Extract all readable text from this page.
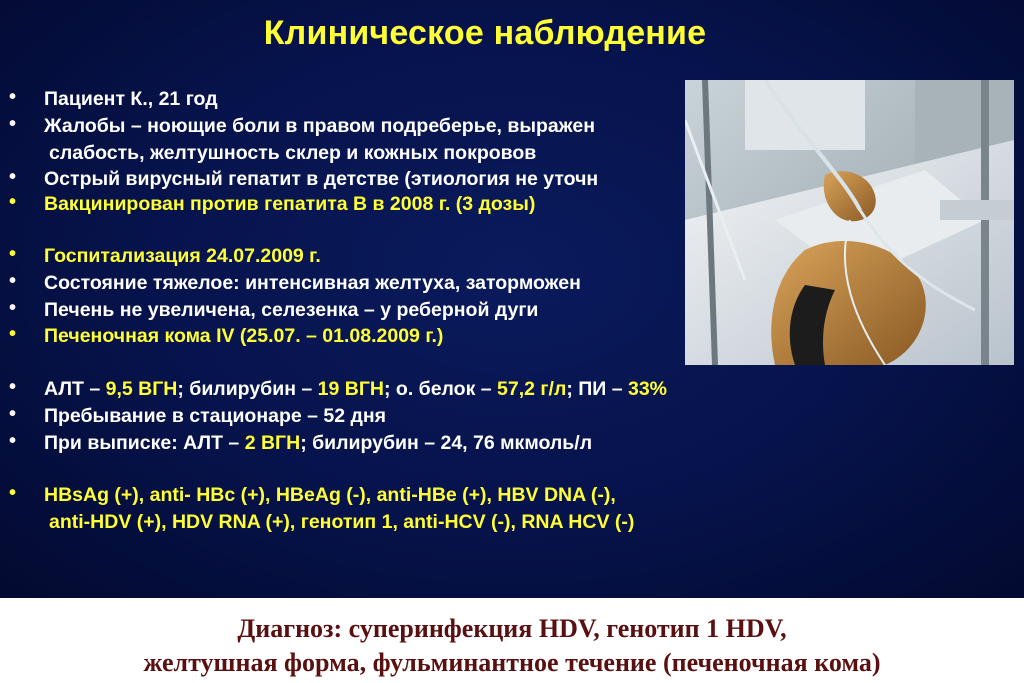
Клиническое наблюдение
• Пациент К., 21 год
• Жалобы – ноющие боли в правом подреберье, выражен
слабость, желтушность склер и кожных покровов
• Острый вирусный гепатит в детстве (этиология не уточн
• Вакцинирован против гепатита В в 2008 г. (3 дозы)
• Госпитализация 24.07.2009 г.
• Состояние тяжелое: интенсивная желтуха, заторможен
• Печень не увеличена, селезенка – у реберной дуги
• Печеночная кома IV (25.07. – 01.08.2009 г.)
• АЛТ – 9,5 ВГН; билирубин – 19 ВГН; о. белок – 57,2 г/л; ПИ – 33%
• Пребывание в стационаре – 52 дня
• При выписке: АЛТ – 2 ВГН; билирубин – 24, 76 мкмоль/л
• HBsAg (+), anti- HBc (+), HBeAg (-), anti-HBe (+), HBV DNA (-),
anti-HDV (+), HDV RNA (+), генотип 1, anti-HCV (-), RNA HCV (-)
Диагноз: суперинфекция HDV, генотип 1 HDV,
желтушная форма, фульминантное течение (печеночная кома)
